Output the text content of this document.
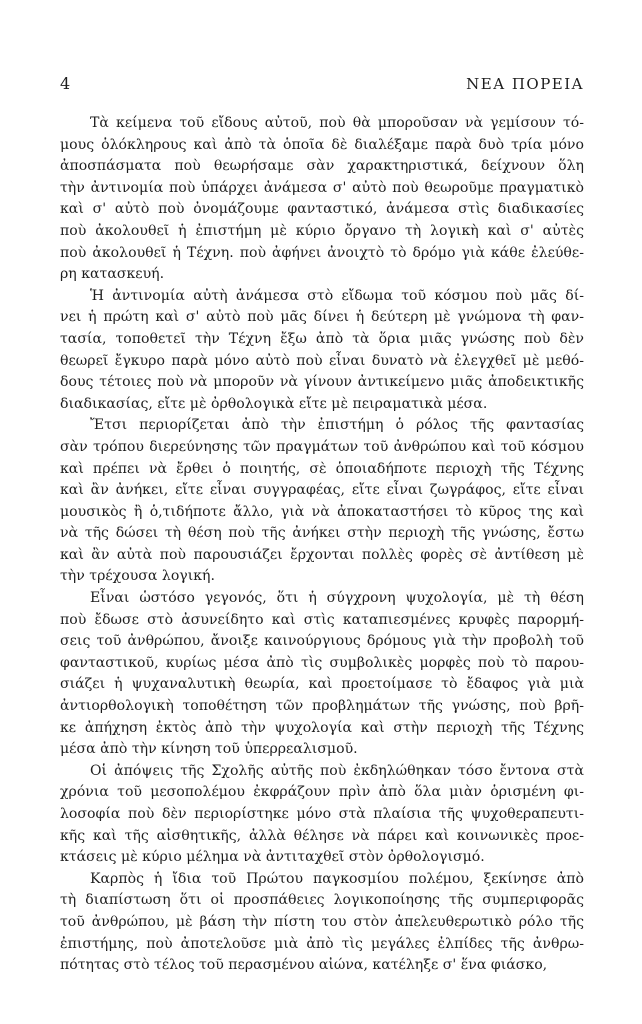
4	ΝΕΑ ΠΟΡΕΙΑ
Τὰ κείμενα τοῦ εἴδους αὐτοῦ, ποὺ θὰ μποροῦσαν νὰ γεμίσουν τό-
μους ὁλόκληρους καὶ ἀπὸ τὰ ὁποῖα δὲ διαλέξαμε παρὰ δυὸ τρία μόνο
ἀποσπάσματα ποὺ θεωρήσαμε σὰν χαρακτηριστικά, δείχνουν ὅλη
τὴν ἀντινομία ποὺ ὑπάρχει ἀνάμεσα σ' αὐτὸ ποὺ θεωροῦμε πραγματικὸ
καὶ σ' αὐτὸ ποὺ ὀνομάζουμε φανταστικό, ἀνάμεσα στὶς διαδικασίες
ποὺ ἀκολουθεῖ ἡ ἐπιστήμη μὲ κύριο ὄργανο τὴ λογικὴ καὶ σ' αὐτὲς
ποὺ ἀκολουθεῖ ἡ Τέχνη. ποὺ ἀφήνει ἀνοιχτὸ τὸ δρόμο γιὰ κάθε ἐλεύθε-
ρη κατασκευή.
Ἡ ἀντινομία αὐτὴ ἀνάμεσα στὸ εἴδωμα τοῦ κόσμου ποὺ μᾶς δί-
νει ἡ πρώτη καὶ σ' αὐτὸ ποὺ μᾶς δίνει ἡ δεύτερη μὲ γνώμονα τὴ φαν-
τασία, τοποθετεῖ τὴν Τέχνη ἔξω ἀπὸ τὰ ὅρια μιᾶς γνώσης ποὺ δὲν
θεωρεῖ ἔγκυρο παρὰ μόνο αὐτὸ ποὺ εἶναι δυνατὸ νὰ ἐλεγχθεῖ μὲ μεθό-
δους τέτοιες ποὺ νὰ μποροῦν νὰ γίνουν ἀντικείμενο μιᾶς ἀποδεικτικῆς
διαδικασίας, εἴτε μὲ ὀρθολογικὰ εἴτε μὲ πειραματικὰ μέσα.
Ἔτσι περιορίζεται ἀπὸ τὴν ἐπιστήμη ὁ ρόλος τῆς φαντασίας
σὰν τρόπου διερεύνησης τῶν πραγμάτων τοῦ ἀνθρώπου καὶ τοῦ κόσμου
καὶ πρέπει νὰ ἔρθει ὁ ποιητής, σὲ ὁποιαδήποτε περιοχὴ τῆς Τέχνης
καὶ ἂν ἀνήκει, εἴτε εἶναι συγγραφέας, εἴτε εἶναι ζωγράφος, εἴτε εἶναι
μουσικὸς ἢ ὁ,τιδήποτε ἄλλο, γιὰ νὰ ἀποκαταστήσει τὸ κῦρος της καὶ
νὰ τῆς δώσει τὴ θέση ποὺ τῆς ἀνήκει στὴν περιοχὴ τῆς γνώσης, ἔστω
καὶ ἂν αὐτὰ ποὺ παρουσιάζει ἔρχονται πολλὲς φορὲς σὲ ἀντίθεση μὲ
τὴν τρέχουσα λογική.
Εἶναι ὡστόσο γεγονός, ὅτι ἡ σύγχρονη ψυχολογία, μὲ τὴ θέση
ποὺ ἔδωσε στὸ ἀσυνείδητο καὶ στὶς καταπιεσμένες κρυφὲς παρορμή-
σεις τοῦ ἀνθρώπου, ἄνοιξε καινούργιους δρόμους γιὰ τὴν προβολὴ τοῦ
φανταστικοῦ, κυρίως μέσα ἀπὸ τὶς συμβολικὲς μορφὲς ποὺ τὸ παρου-
σιάζει ἡ ψυχαναλυτικὴ θεωρία, καὶ προετοίμασε τὸ ἔδαφος γιὰ μιὰ
ἀντιορθολογικὴ τοποθέτηση τῶν προβλημάτων τῆς γνώσης, ποὺ βρῆ-
κε ἀπήχηση ἐκτὸς ἀπὸ τὴν ψυχολογία καὶ στὴν περιοχὴ τῆς Τέχνης
μέσα ἀπὸ τὴν κίνηση τοῦ ὑπερρεαλισμοῦ.
Οἱ ἀπόψεις τῆς Σχολῆς αὐτῆς ποὺ ἐκδηλώθηκαν τόσο ἔντονα στὰ
χρόνια τοῦ μεσοπολέμου ἐκφράζουν πρὶν ἀπὸ ὅλα μιὰν ὁρισμένη φι-
λοσοφία ποὺ δὲν περιορίστηκε μόνο στὰ πλαίσια τῆς ψυχοθεραπευτι-
κῆς καὶ τῆς αἰσθητικῆς, ἀλλὰ θέλησε νὰ πάρει καὶ κοινωνικὲς προε-
κτάσεις μὲ κύριο μέλημα νὰ ἀντιταχθεῖ στὸν ὀρθολογισμό.
Καρπὸς ἡ ἴδια τοῦ Πρώτου παγκοσμίου πολέμου, ξεκίνησε ἀπὸ
τὴ διαπίστωση ὅτι οἱ προσπάθειες λογικοποίησης τῆς συμπεριφορᾶς
τοῦ ἀνθρώπου, μὲ βάση τὴν πίστη του στὸν ἀπελευθερωτικὸ ρόλο τῆς
ἐπιστήμης, ποὺ ἀποτελοῦσε μιὰ ἀπὸ τὶς μεγάλες ἐλπίδες τῆς ἀνθρω-
πότητας στὸ τέλος τοῦ περασμένου αἰώνα, κατέληξε σ' ἕνα φιάσκο,
